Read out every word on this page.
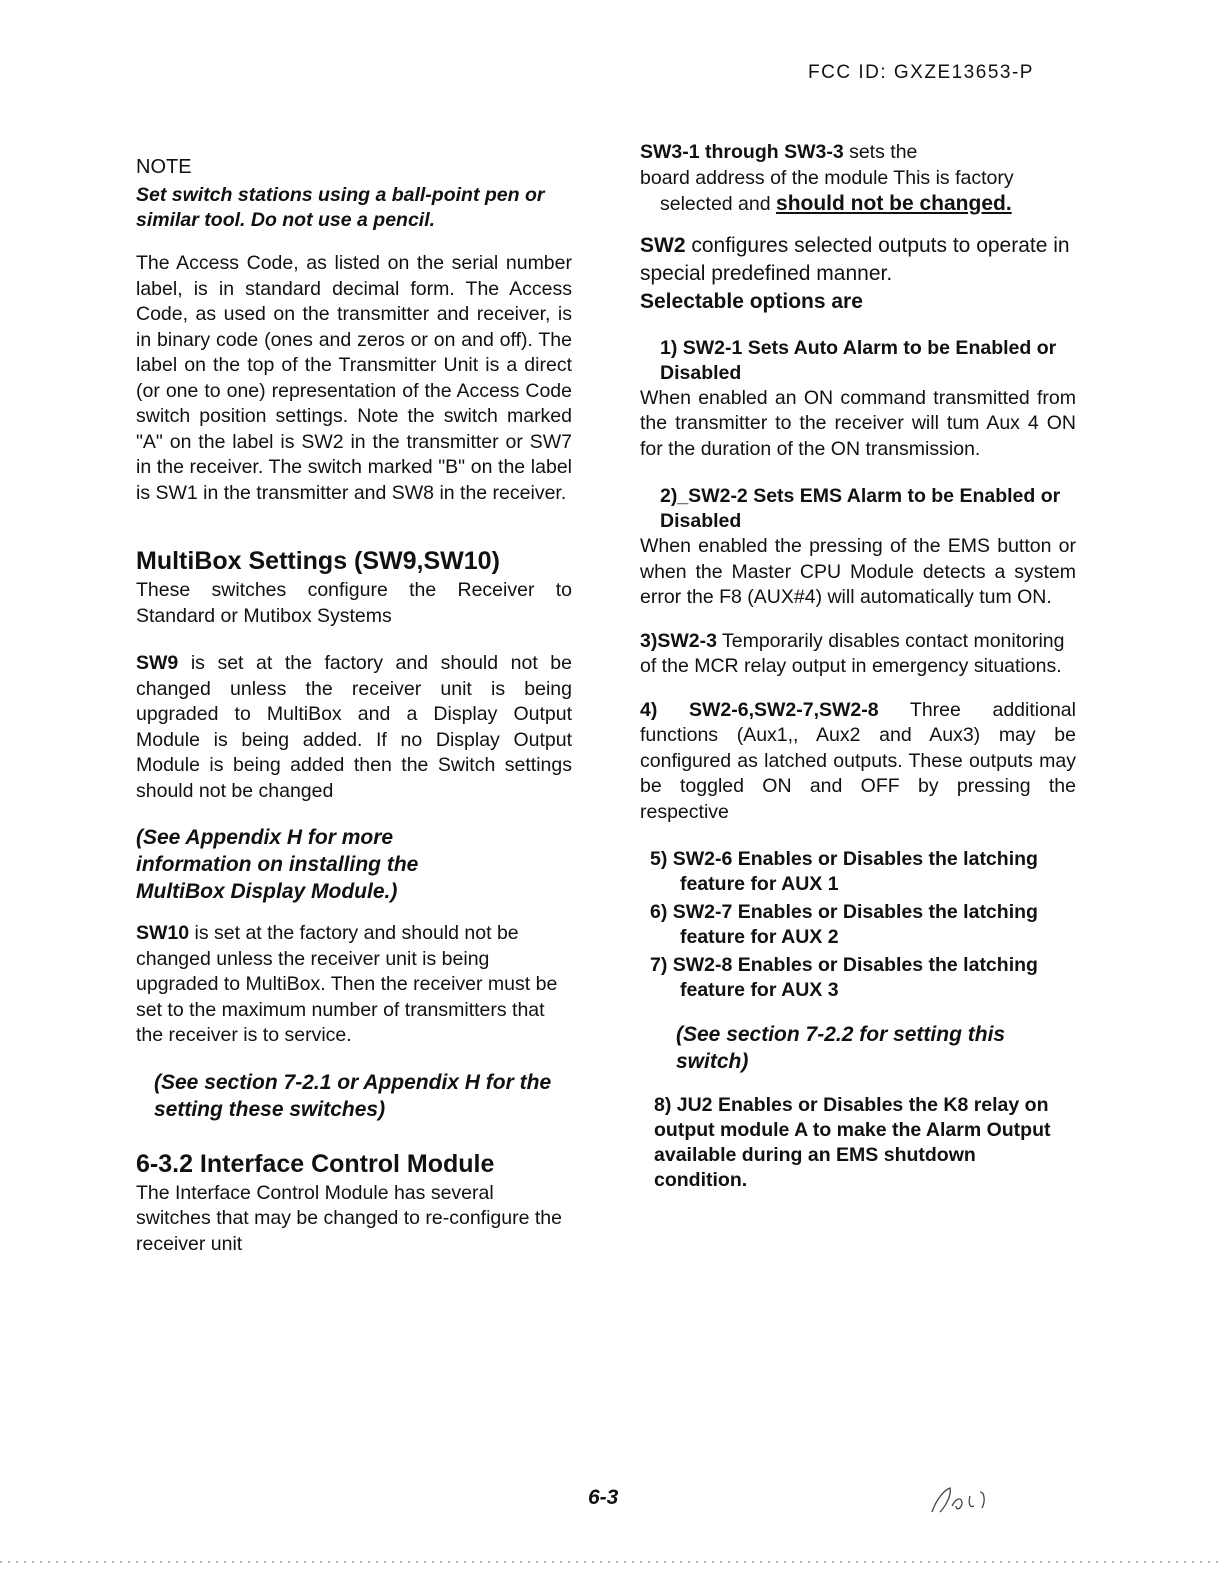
FCC ID: GXZE13653-P

NOTE

Set switch stations using a ball-point pen or similar tool. Do not use a pencil.

The Access Code, as listed on the serial number label, is in standard decimal form. The Access Code, as used on the transmitter and receiver, is in binary code (ones and zeros or on and off). The label on the top of the Transmitter Unit is a direct (or one to one) representation of the Access Code switch position settings. Note the switch marked "A" on the label is SW2 in the transmitter or SW7 in the receiver. The switch marked "B" on the label is SW1 in the transmitter and SW8 in the receiver.

MultiBox Settings (SW9,SW10)

These switches configure the Receiver to Standard or Mutibox Systems

SW9 is set at the factory and should not be changed unless the receiver unit is being upgraded to MultiBox and a Display Output Module is being added. If no Display Output Module is being added then the Switch settings should not be changed

(See Appendix H for more information on installing the MultiBox Display Module.)

SW10 is set at the factory and should not be changed unless the receiver unit is being upgraded to MultiBox. Then the receiver must be set to the maximum number of transmitters that the receiver is to service.

(See section 7-2.1 or Appendix H for the setting these switches)

6-3.2 Interface Control Module

The Interface Control Module has several switches that may be changed to re-configure the receiver unit

SW3-1 through SW3-3 sets the
board address of the module This is factory
selected and should not be changed.

SW2 configures selected outputs to operate in special predefined manner.

Selectable options are

1) SW2-1 Sets Auto Alarm to be Enabled or Disabled

When enabled an ON command transmitted from the transmitter to the receiver will tum Aux 4 ON for the duration of the ON transmission.

2)_SW2-2 Sets EMS Alarm to be Enabled or Disabled

When enabled the pressing of the EMS button or when the Master CPU Module detects a system error the F8 (AUX#4) will automatically tum ON.

3)SW2-3 Temporarily disables contact monitoring of the MCR relay output in emergency situations.

4) SW2-6,SW2-7,SW2-8 Three additional functions (Aux1,, Aux2 and Aux3) may be configured as latched outputs. These outputs may be toggled ON and OFF by pressing the respective

5) SW2-6 Enables or Disables the latching feature for AUX 1

6) SW2-7 Enables or Disables the latching feature for AUX 2

7) SW2-8 Enables or Disables the latching feature for AUX 3

(See section 7-2.2 for setting this switch)

8) JU2 Enables or Disables the K8 relay on output module A to make the Alarm Output available during an EMS shutdown condition.

6-3
